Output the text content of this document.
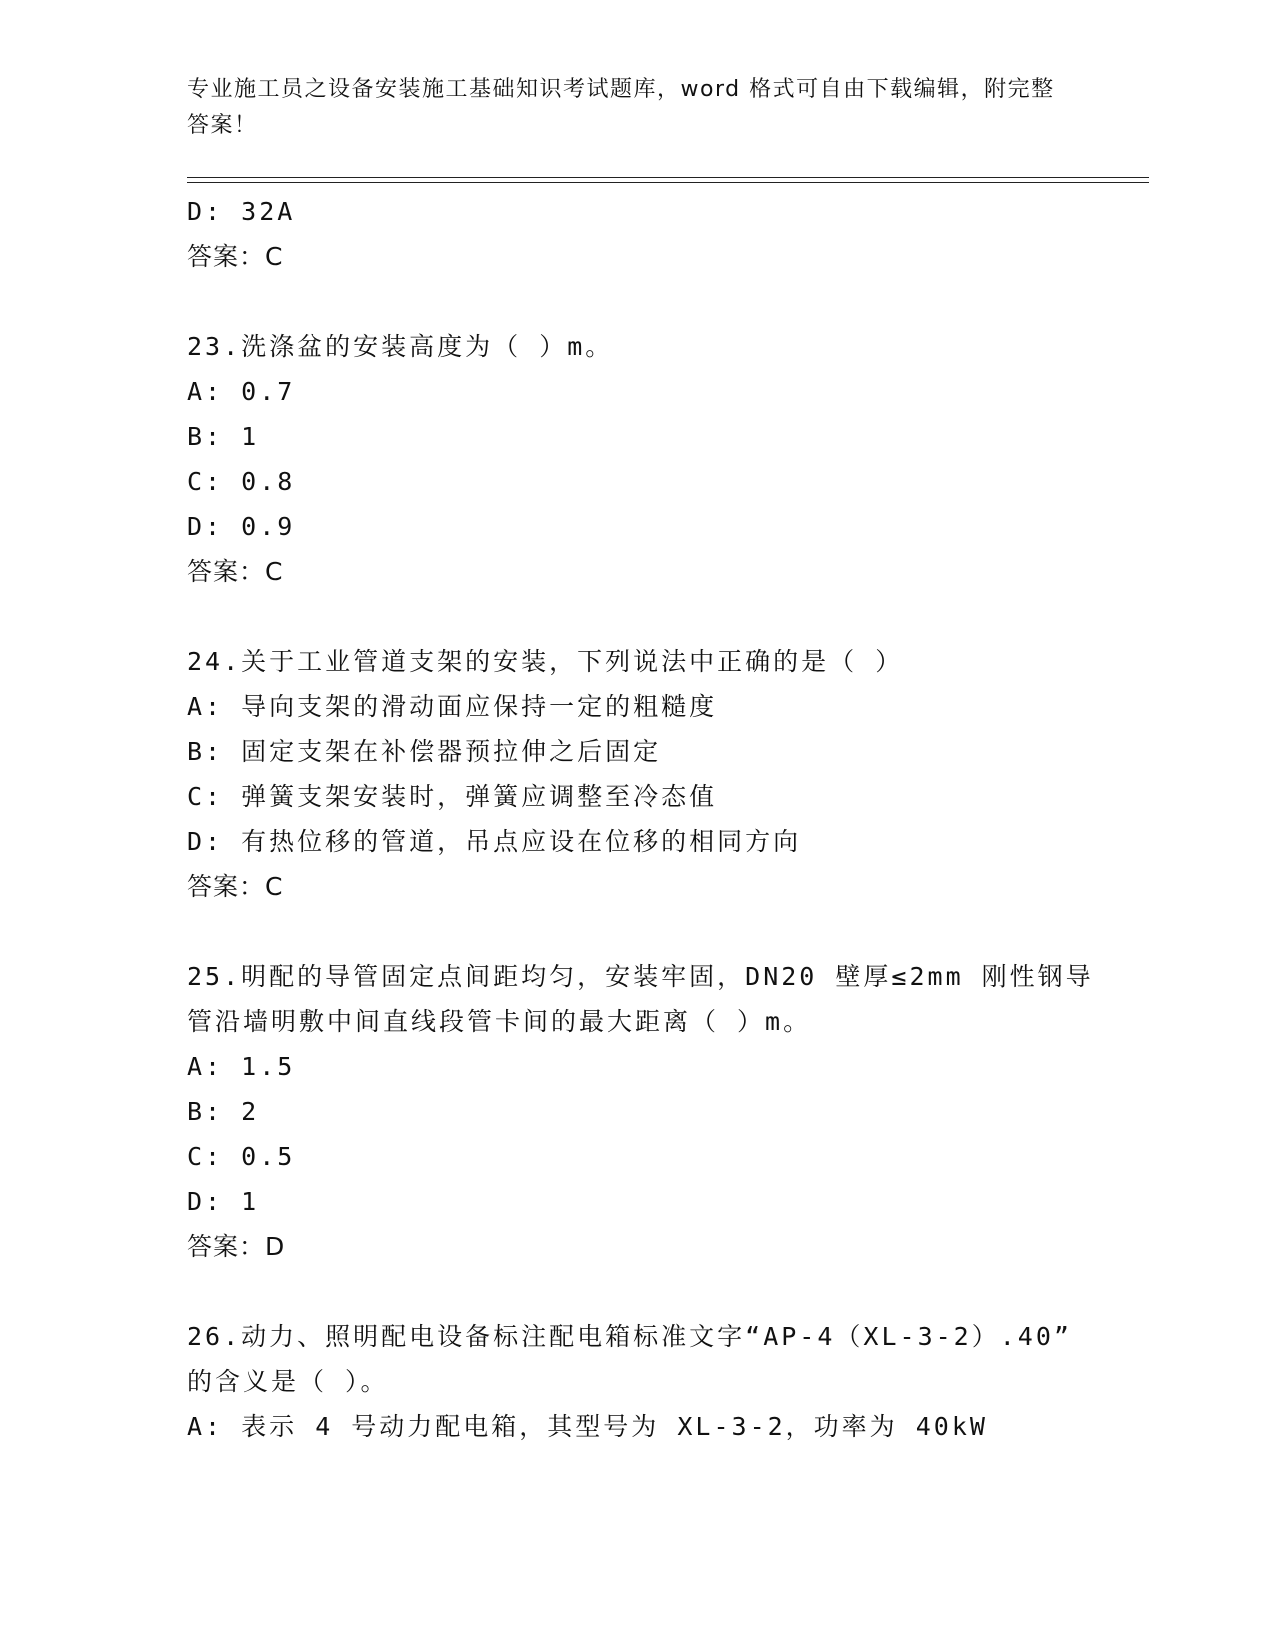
专业施工员之设备安装施工基础知识考试题库，word 格式可自由下载编辑，附完整答案！
D: 32A
答案：C
23.洗涤盆的安装高度为（ ）m。
A: 0.7
B: 1
C: 0.8
D: 0.9
答案：C
24.关于工业管道支架的安装，下列说法中正确的是（ ）
A: 导向支架的滑动面应保持一定的粗糙度
B: 固定支架在补偿器预拉伸之后固定
C: 弹簧支架安装时，弹簧应调整至冷态值
D: 有热位移的管道，吊点应设在位移的相同方向
答案：C
25.明配的导管固定点间距均匀，安装牢固，DN20 壁厚≤2mm 刚性钢导
管沿墙明敷中间直线段管卡间的最大距离（ ）m。
A: 1.5
B: 2
C: 0.5
D: 1
答案：D
26.动力、照明配电设备标注配电箱标准文字“AP-4（XL-3-2）.40”
的含义是（ ）。
A: 表示 4 号动力配电箱，其型号为 XL-3-2，功率为 40kW
